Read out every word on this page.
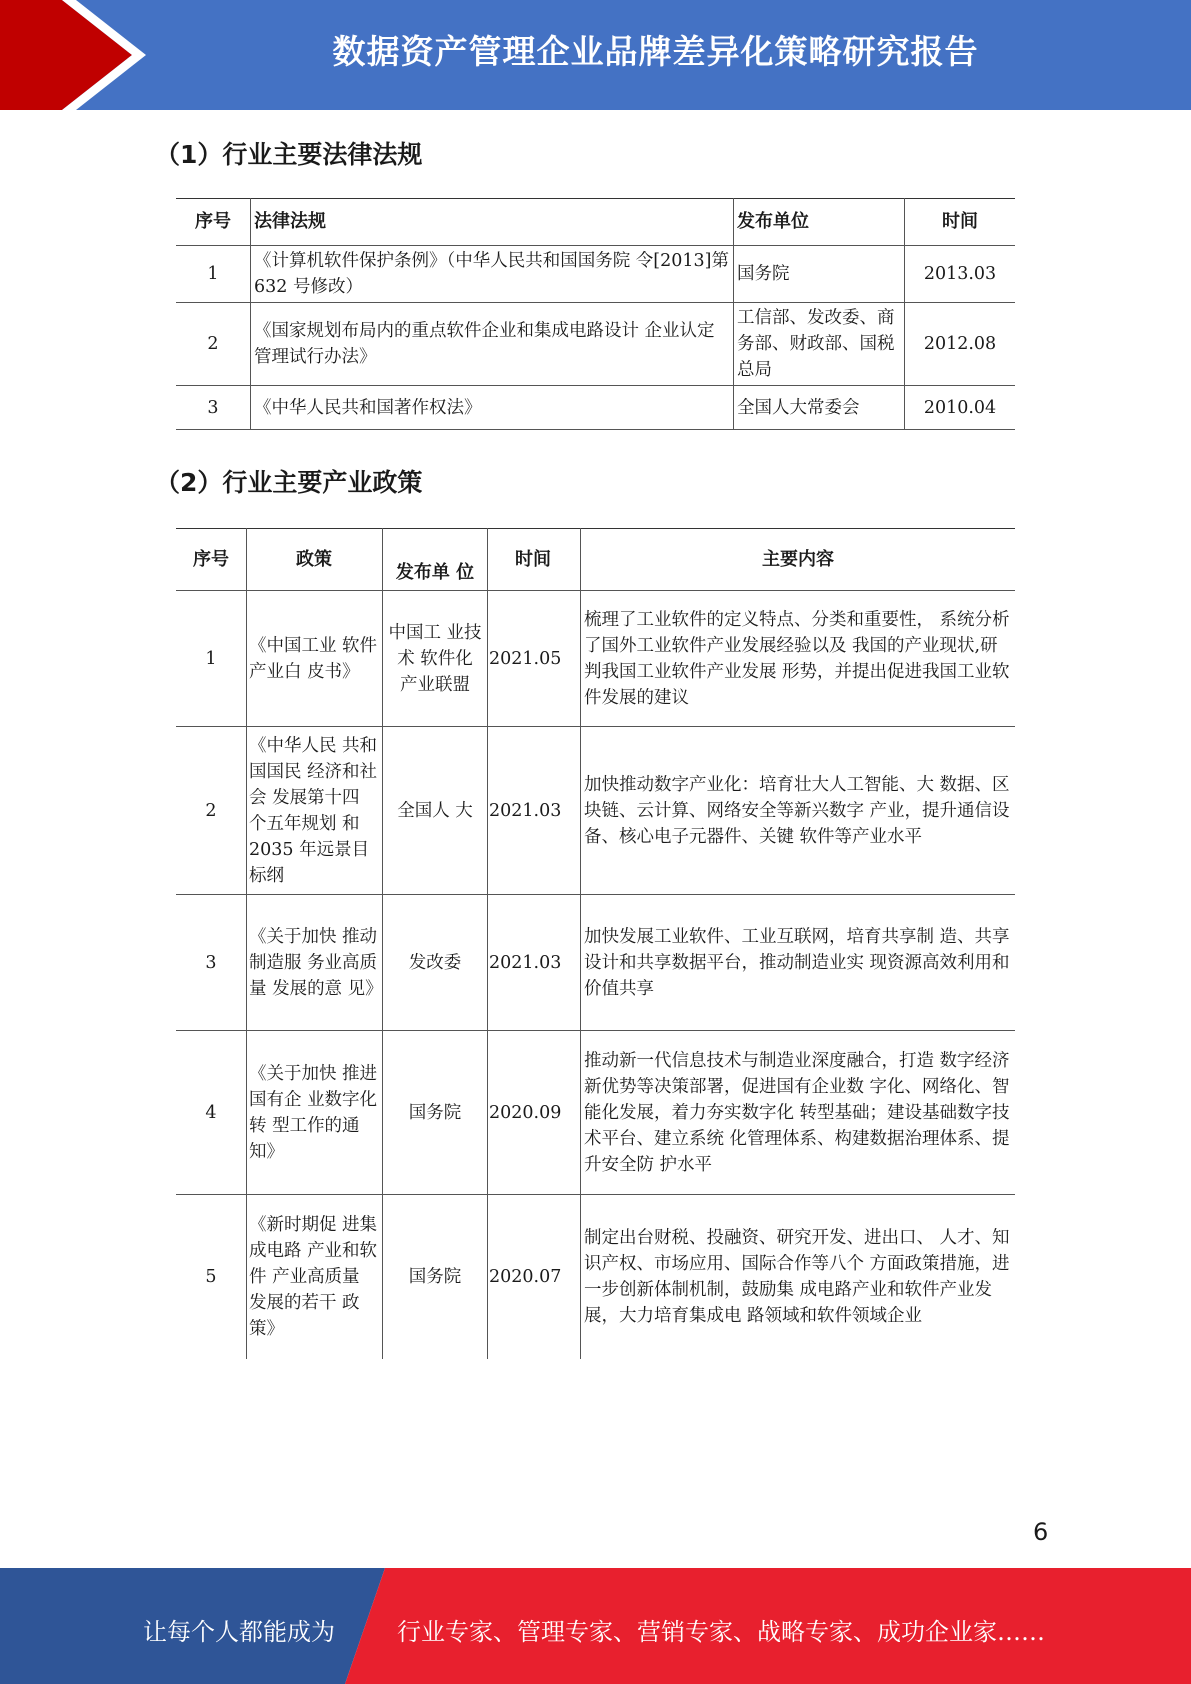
数据资产管理企业品牌差异化策略研究报告
（1）行业主要法律法规
序号	法律法规	发布单位	时间
1	《计算机软件保护条例》（中华人民共和国国务院 令[2013]第 632 号修改）	国务院	2013.03
2	《国家规划布局内的重点软件企业和集成电路设计 企业认定管理试行办法》	工信部、发改委、商务部、财政部、国税总局	2012.08
3	《中华人民共和国著作权法》	全国人大常委会	2010.04
（2）行业主要产业政策
序号	政策	发布单 位	时间	主要内容
1	《中国工业 软件产业白 皮书》	中国工 业技术 软件化 产业联盟	2021.05	梳理了工业软件的定义特点、分类和重要性， 系统分析了国外工业软件产业发展经验以及 我国的产业现状,研判我国工业软件产业发展 形势，并提出促进我国工业软件发展的建议
2	《中华人民 共和国国民 经济和社会 发展第十四 个五年规划 和 2035 年远景目标纲	全国人 大	2021.03	加快推动数字产业化：培育壮大人工智能、大 数据、区块链、云计算、网络安全等新兴数字 产业，提升通信设备、核心电子元器件、关键 软件等产业水平
3	《关于加快 推动制造服 务业高质量 发展的意 见》	发改委	2021.03	加快发展工业软件、工业互联网，培育共享制 造、共享设计和共享数据平台，推动制造业实 现资源高效利用和价值共享
4	《关于加快 推进国有企 业数字化转 型工作的通 知》	国务院	2020.09	推动新一代信息技术与制造业深度融合，打造 数字经济新优势等决策部署，促进国有企业数 字化、网络化、智能化发展，着力夯实数字化 转型基础；建设基础数字技术平台、建立系统 化管理体系、构建数据治理体系、提升安全防 护水平
5	《新时期促 进集成电路 产业和软件 产业高质量 发展的若干 政策》	国务院	2020.07	制定出台财税、投融资、研究开发、进出口、 人才、知识产权、市场应用、国际合作等八个 方面政策措施，进一步创新体制机制，鼓励集 成电路产业和软件产业发展，大力培育集成电 路领域和软件领域企业
6
让每个人都能成为	行业专家、管理专家、营销专家、战略专家、成功企业家……
